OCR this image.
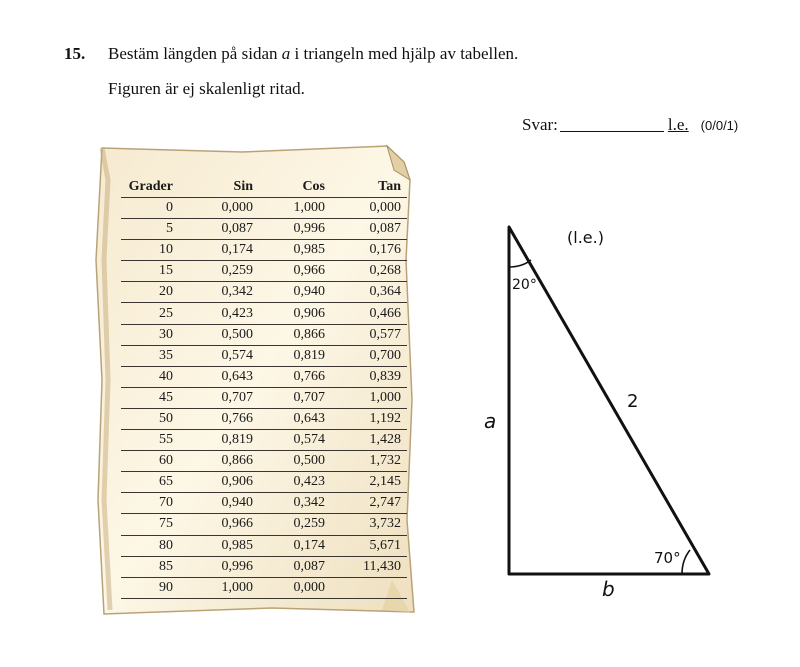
15. Bestäm längden på sidan a i triangeln med hjälp av tabellen.
Figuren är ej skalenligt ritad.
Svar:	l.e. (0/0/1)
Grader	Sin	Cos	Tan
0	0,000	1,000	0,000
5	0,087	0,996	0,087
10	0,174	0,985	0,176
15	0,259	0,966	0,268
20	0,342	0,940	0,364
25	0,423	0,906	0,466
30	0,500	0,866	0,577
35	0,574	0,819	0,700
40	0,643	0,766	0,839
45	0,707	0,707	1,000
50	0,766	0,643	1,192
55	0,819	0,574	1,428
60	0,866	0,500	1,732
65	0,906	0,423	2,145
70	0,940	0,342	2,747
75	0,966	0,259	3,732
80	0,985	0,174	5,671
85	0,996	0,087	11,430
90	1,000	0,000	
(l.e.)
20°
2
a
70°
b
